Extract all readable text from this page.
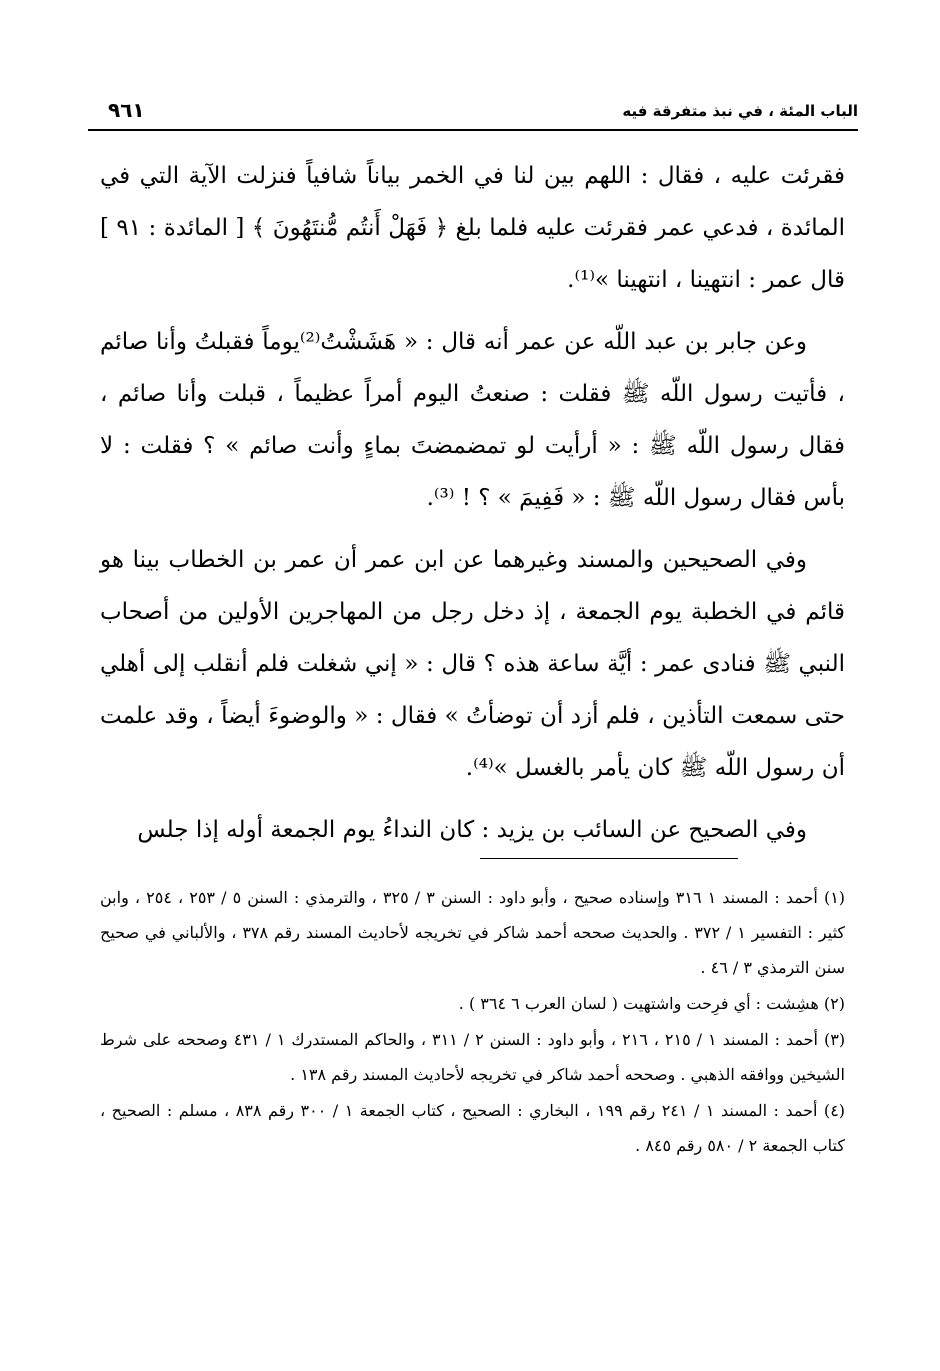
الباب المئة ، في نبذ متفرقة فيه
٩٦١

فقرئت عليه ، فقال : اللهم بين لنا في الخمر بياناً شافياً فنزلت الآية التي في المائدة ، فدعي عمر فقرئت عليه فلما بلغ ﴿ فَهَلْ أَنتُم مُّنتَهُونَ ﴾ [ المائدة : ٩١ ] قال عمر : انتهينا ، انتهينا »⁽¹⁾.

وعن جابر بن عبد اللّه عن عمر أنه قال : « هَشَشْتُ⁽²⁾يوماً فقبلتُ وأنا صائم ، فأتيت رسول اللّه ﷺ فقلت : صنعتُ اليوم أمراً عظيماً ، قبلت وأنا صائم ، فقال رسول اللّه ﷺ : « أرأيت لو تمضمضتَ بماءٍ وأنت صائم » ؟ فقلت : لا بأس فقال رسول اللّه ﷺ : « فَفِيمَ » ؟ ! ⁽³⁾.

وفي الصحيحين والمسند وغيرهما عن ابن عمر أن عمر بن الخطاب بينا هو قائم في الخطبة يوم الجمعة ، إذ دخل رجل من المهاجرين الأولين من أصحاب النبي ﷺ فنادى عمر : أيَّة ساعة هذه ؟ قال : « إني شغلت فلم أنقلب إلى أهلي حتى سمعت التأذين ، فلم أزد أن توضأتُ » فقال : « والوضوءَ أيضاً ، وقد علمت أن رسول اللّه ﷺ كان يأمر بالغسل »⁽⁴⁾.

وفي الصحيح عن السائب بن يزيد : كان النداءُ يوم الجمعة أوله إذا جلس

(١) أحمد : المسند ١ ٣١٦ وإسناده صحيح ، وأبو داود : السنن ٣ / ٣٢٥ ، والترمذي : السنن ٥ / ٢٥٣ ، ٢٥٤ ، وابن كثير : التفسير ١ / ٣٧٢ . والحديث صححه أحمد شاكر في تخريجه لأحاديث المسند رقم ٣٧٨ ، والألباني في صحيح سنن الترمذي ٣ / ٤٦ .

(٢) هشِشت : أي فرِحت واشتهيت ( لسان العرب ٦ ٣٦٤ ) .

(٣) أحمد : المسند ١ / ٢١٥ ، ٢١٦ ، وأبو داود : السنن ٢ / ٣١١ ، والحاكم المستدرك ١ / ٤٣١ وصححه على شرط الشيخين ووافقه الذهبي . وصححه أحمد شاكر في تخريجه لأحاديث المسند رقم ١٣٨ .

(٤) أحمد : المسند ١ / ٢٤١ رقم ١٩٩ ، البخاري : الصحيح ، كتاب الجمعة ١ / ٣٠٠ رقم ٨٣٨ ، مسلم : الصحيح ، كتاب الجمعة ٢ / ٥٨٠ رقم ٨٤٥ .
